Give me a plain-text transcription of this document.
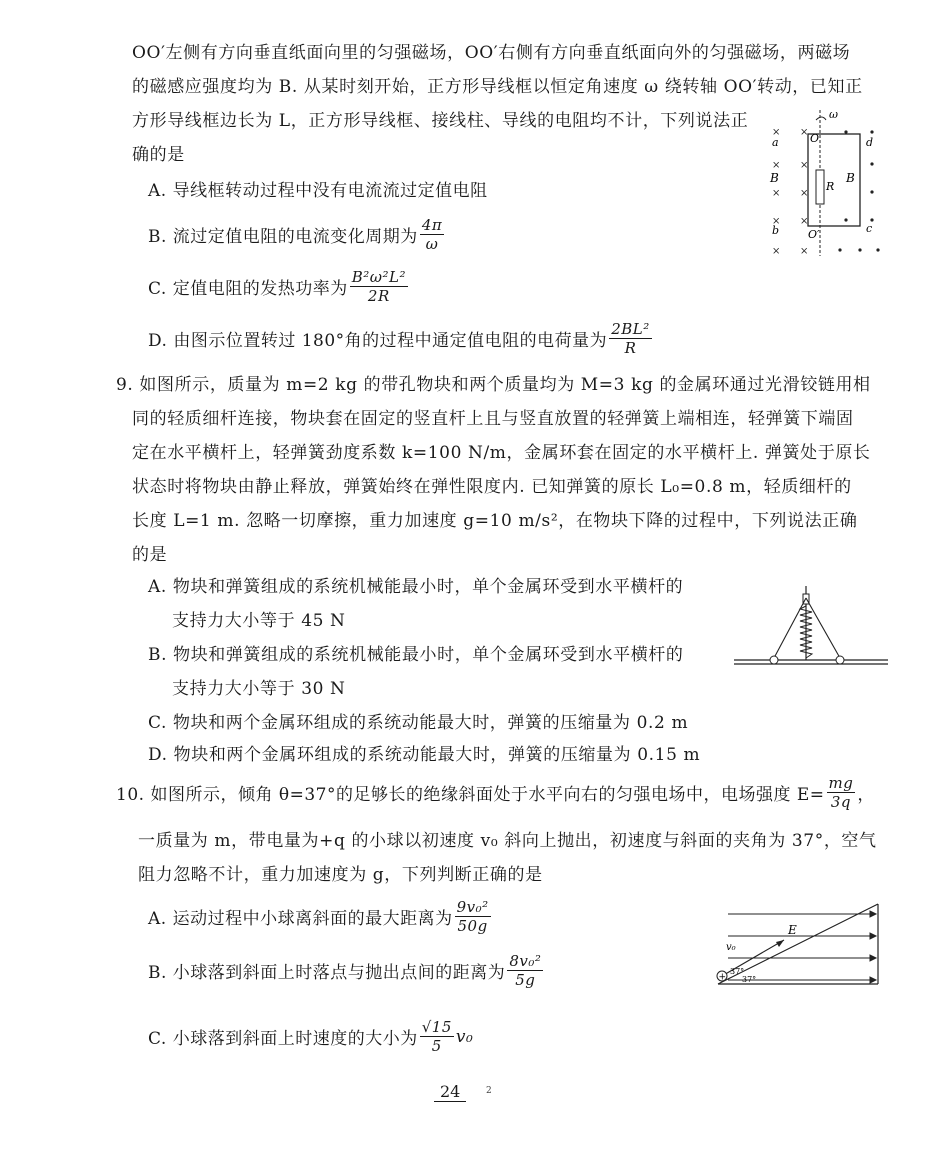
OO′左侧有方向垂直纸面向里的匀强磁场，OO′右侧有方向垂直纸面向外的匀强磁场，两磁场
的磁感应强度均为 B. 从某时刻开始，正方形导线框以恒定角速度 ω 绕转轴 OO′转动，已知正
方形导线框边长为 L，正方形导线框、接线柱、导线的电阻均不计，下列说法正
确的是
A. 导线框转动过程中没有电流流过定值电阻
B. 流过定值电阻的电流变化周期为 $\frac{4\pi}{\omega}$
C. 定值电阻的发热功率为 $\frac{\text{B²ω²L²}}{2R}$
D. 由图示位置转过 180°角的过程中通定值电阻的电荷量为 $\frac{\text{2BL²}}{R}$
ω
O
O′
a
b
d
c
B	B
R
× ×
× ×
× ×
× ×
× ×
9. 如图所示，质量为 m=2 kg 的带孔物块和两个质量均为 M=3 kg 的金属环通过光滑铰链用相
同的轻质细杆连接，物块套在固定的竖直杆上且与竖直放置的轻弹簧上端相连，轻弹簧下端固
定在水平横杆上，轻弹簧劲度系数 k=100 N/m，金属环套在固定的水平横杆上. 弹簧处于原长
状态时将物块由静止释放，弹簧始终在弹性限度内. 已知弹簧的原长 L₀=0.8 m，轻质细杆的
长度 L=1 m. 忽略一切摩擦，重力加速度 g=10 m/s²，在物块下降的过程中，下列说法正确
的是
A. 物块和弹簧组成的系统机械能最小时，单个金属环受到水平横杆的
支持力大小等于 45 N
B. 物块和弹簧组成的系统机械能最小时，单个金属环受到水平横杆的
支持力大小等于 30 N
C. 物块和两个金属环组成的系统动能最大时，弹簧的压缩量为 0.2 m
D. 物块和两个金属环组成的系统动能最大时，弹簧的压缩量为 0.15 m
10. 如图所示，倾角 θ=37°的足够长的绝缘斜面处于水平向右的匀强电场中，电场强度 $E= \frac{mg}{3q}$ ，
一质量为 m，带电量为+q 的小球以初速度 v₀ 斜向上抛出，初速度与斜面的夹角为 37°，空气
阻力忽略不计，重力加速度为 g，下列判断正确的是
A. 运动过程中小球离斜面的最大距离为 $\frac{\text{9v₀²}}{50g}$
B. 小球落到斜面上时落点与抛出点间的距离为 $\frac{\text{8v₀²}}{5g}$
C. 小球落到斜面上时速度的大小为 $\frac{√15}{5} v_0$
+
E
v₀
37°
37°
24	2
